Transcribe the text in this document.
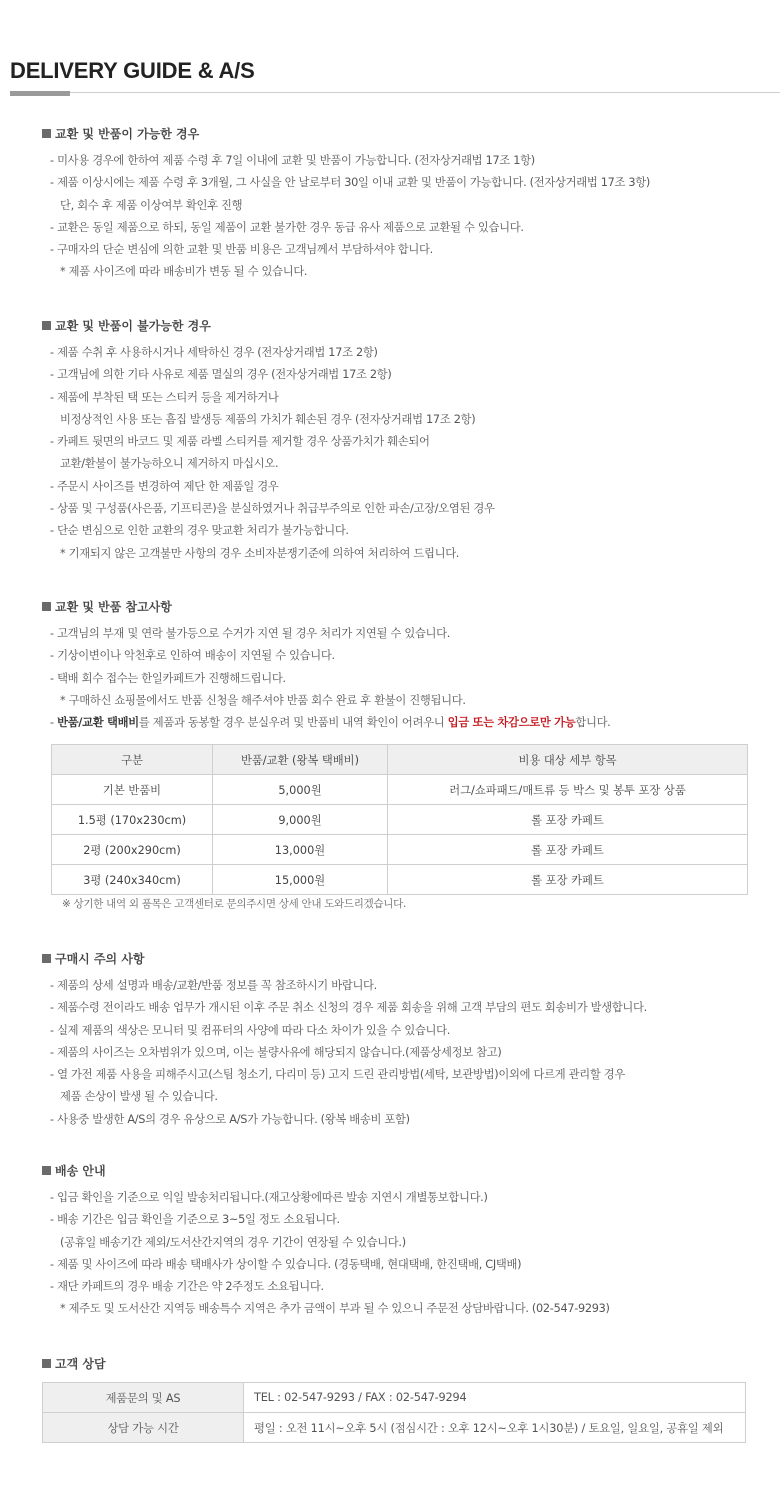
DELIVERY GUIDE & A/S
교환 및 반품이 가능한 경우
- 미사용 경우에 한하여 제품 수령 후 7일 이내에 교환 및 반품이 가능합니다. (전자상거래법 17조 1항)
- 제품 이상시에는 제품 수령 후 3개월, 그 사실을 안 날로부터 30일 이내 교환 및 반품이 가능합니다. (전자상거래법 17조 3항)
단, 회수 후 제품 이상여부 확인후 진행
- 교환은 동일 제품으로 하되, 동일 제품이 교환 불가한 경우 동급 유사 제품으로 교환될 수 있습니다.
- 구매자의 단순 변심에 의한 교환 및 반품 비용은 고객님께서 부담하셔야 합니다.
* 제품 사이즈에 따라 배송비가 변동 될 수 있습니다.
교환 및 반품이 불가능한 경우
- 제품 수취 후 사용하시거나 세탁하신 경우 (전자상거래법 17조 2항)
- 고객님에 의한 기타 사유로 제품 멸실의 경우 (전자상거래법 17조 2항)
- 제품에 부착된 택 또는 스티커 등을 제거하거나
비정상적인 사용 또는 흠집 발생등 제품의 가치가 훼손된 경우 (전자상거래법 17조 2항)
- 카페트 뒷면의 바코드 및 제품 라벨 스티커를 제거할 경우 상품가치가 훼손되어
교환/환불이 불가능하오니 제거하지 마십시오.
- 주문시 사이즈를 변경하여 제단 한 제품일 경우
- 상품 및 구성품(사은품, 기프티콘)을 분실하였거나 취급부주의로 인한 파손/고장/오염된 경우
- 단순 변심으로 인한 교환의 경우 맞교환 처리가 불가능합니다.
* 기재되지 않은 고객불만 사항의 경우 소비자분쟁기준에 의하여 처리하여 드립니다.
교환 및 반품 참고사항
- 고객님의 부재 및 연락 불가등으로 수거가 지연 될 경우 처리가 지연될 수 있습니다.
- 기상이변이나 악천후로 인하여 배송이 지연될 수 있습니다.
- 택배 회수 접수는 한일카페트가 진행해드립니다.
* 구매하신 쇼핑몰에서도 반품 신청을 해주셔야 반품 회수 완료 후 환불이 진행됩니다.
- 반품/교환 택배비를 제품과 동봉할 경우 분실우려 및 반품비 내역 확인이 어려우니 입금 또는 차감으로만 가능합니다.
구분	반품/교환 (왕복 택배비)	비용 대상 세부 항목
기본 반품비	5,000원	러그/쇼파패드/매트류 등 박스 및 봉투 포장 상품
1.5평 (170x230cm)	9,000원	롤 포장 카페트
2평 (200x290cm)	13,000원	롤 포장 카페트
3평 (240x340cm)	15,000원	롤 포장 카페트
※ 상기한 내역 외 품목은 고객센터로 문의주시면 상세 안내 도와드리겠습니다.
구매시 주의 사항
- 제품의 상세 설명과 배송/교환/반품 정보를 꼭 참조하시기 바랍니다.
- 제품수령 전이라도 배송 업무가 개시된 이후 주문 취소 신청의 경우 제품 회송을 위해 고객 부담의 편도 회송비가 발생합니다.
- 실제 제품의 색상은 모니터 및 컴퓨터의 사양에 따라 다소 차이가 있을 수 있습니다.
- 제품의 사이즈는 오차범위가 있으며, 이는 불량사유에 해당되지 않습니다.(제품상세정보 참고)
- 열 가전 제품 사용을 피해주시고(스팀 청소기, 다리미 등) 고지 드린 관리방법(세탁, 보관방법)이외에 다르게 관리할 경우
제품 손상이 발생 될 수 있습니다.
- 사용중 발생한 A/S의 경우 유상으로 A/S가 가능합니다. (왕복 배송비 포함)
배송 안내
- 입금 확인을 기준으로 익일 발송처리됩니다.(재고상황에따른 발송 지연시 개별통보합니다.)
- 배송 기간은 입금 확인을 기준으로 3~5일 정도 소요됩니다.
(공휴일 배송기간 제외/도서산간지역의 경우 기간이 연장될 수 있습니다.)
- 제품 및 사이즈에 따라 배송 택배사가 상이할 수 있습니다. (경동택배, 현대택배, 한진택배, CJ택배)
- 재단 카페트의 경우 배송 기간은 약 2주정도 소요됩니다.
* 제주도 및 도서산간 지역등 배송특수 지역은 추가 금액이 부과 될 수 있으니 주문전 상담바랍니다. (02-547-9293)
고객 상담
제품문의 및 AS	TEL : 02-547-9293 / FAX : 02-547-9294
상담 가능 시간	평일 : 오전 11시~오후 5시 (점심시간 : 오후 12시~오후 1시30분) / 토요일, 일요일, 공휴일 제외
